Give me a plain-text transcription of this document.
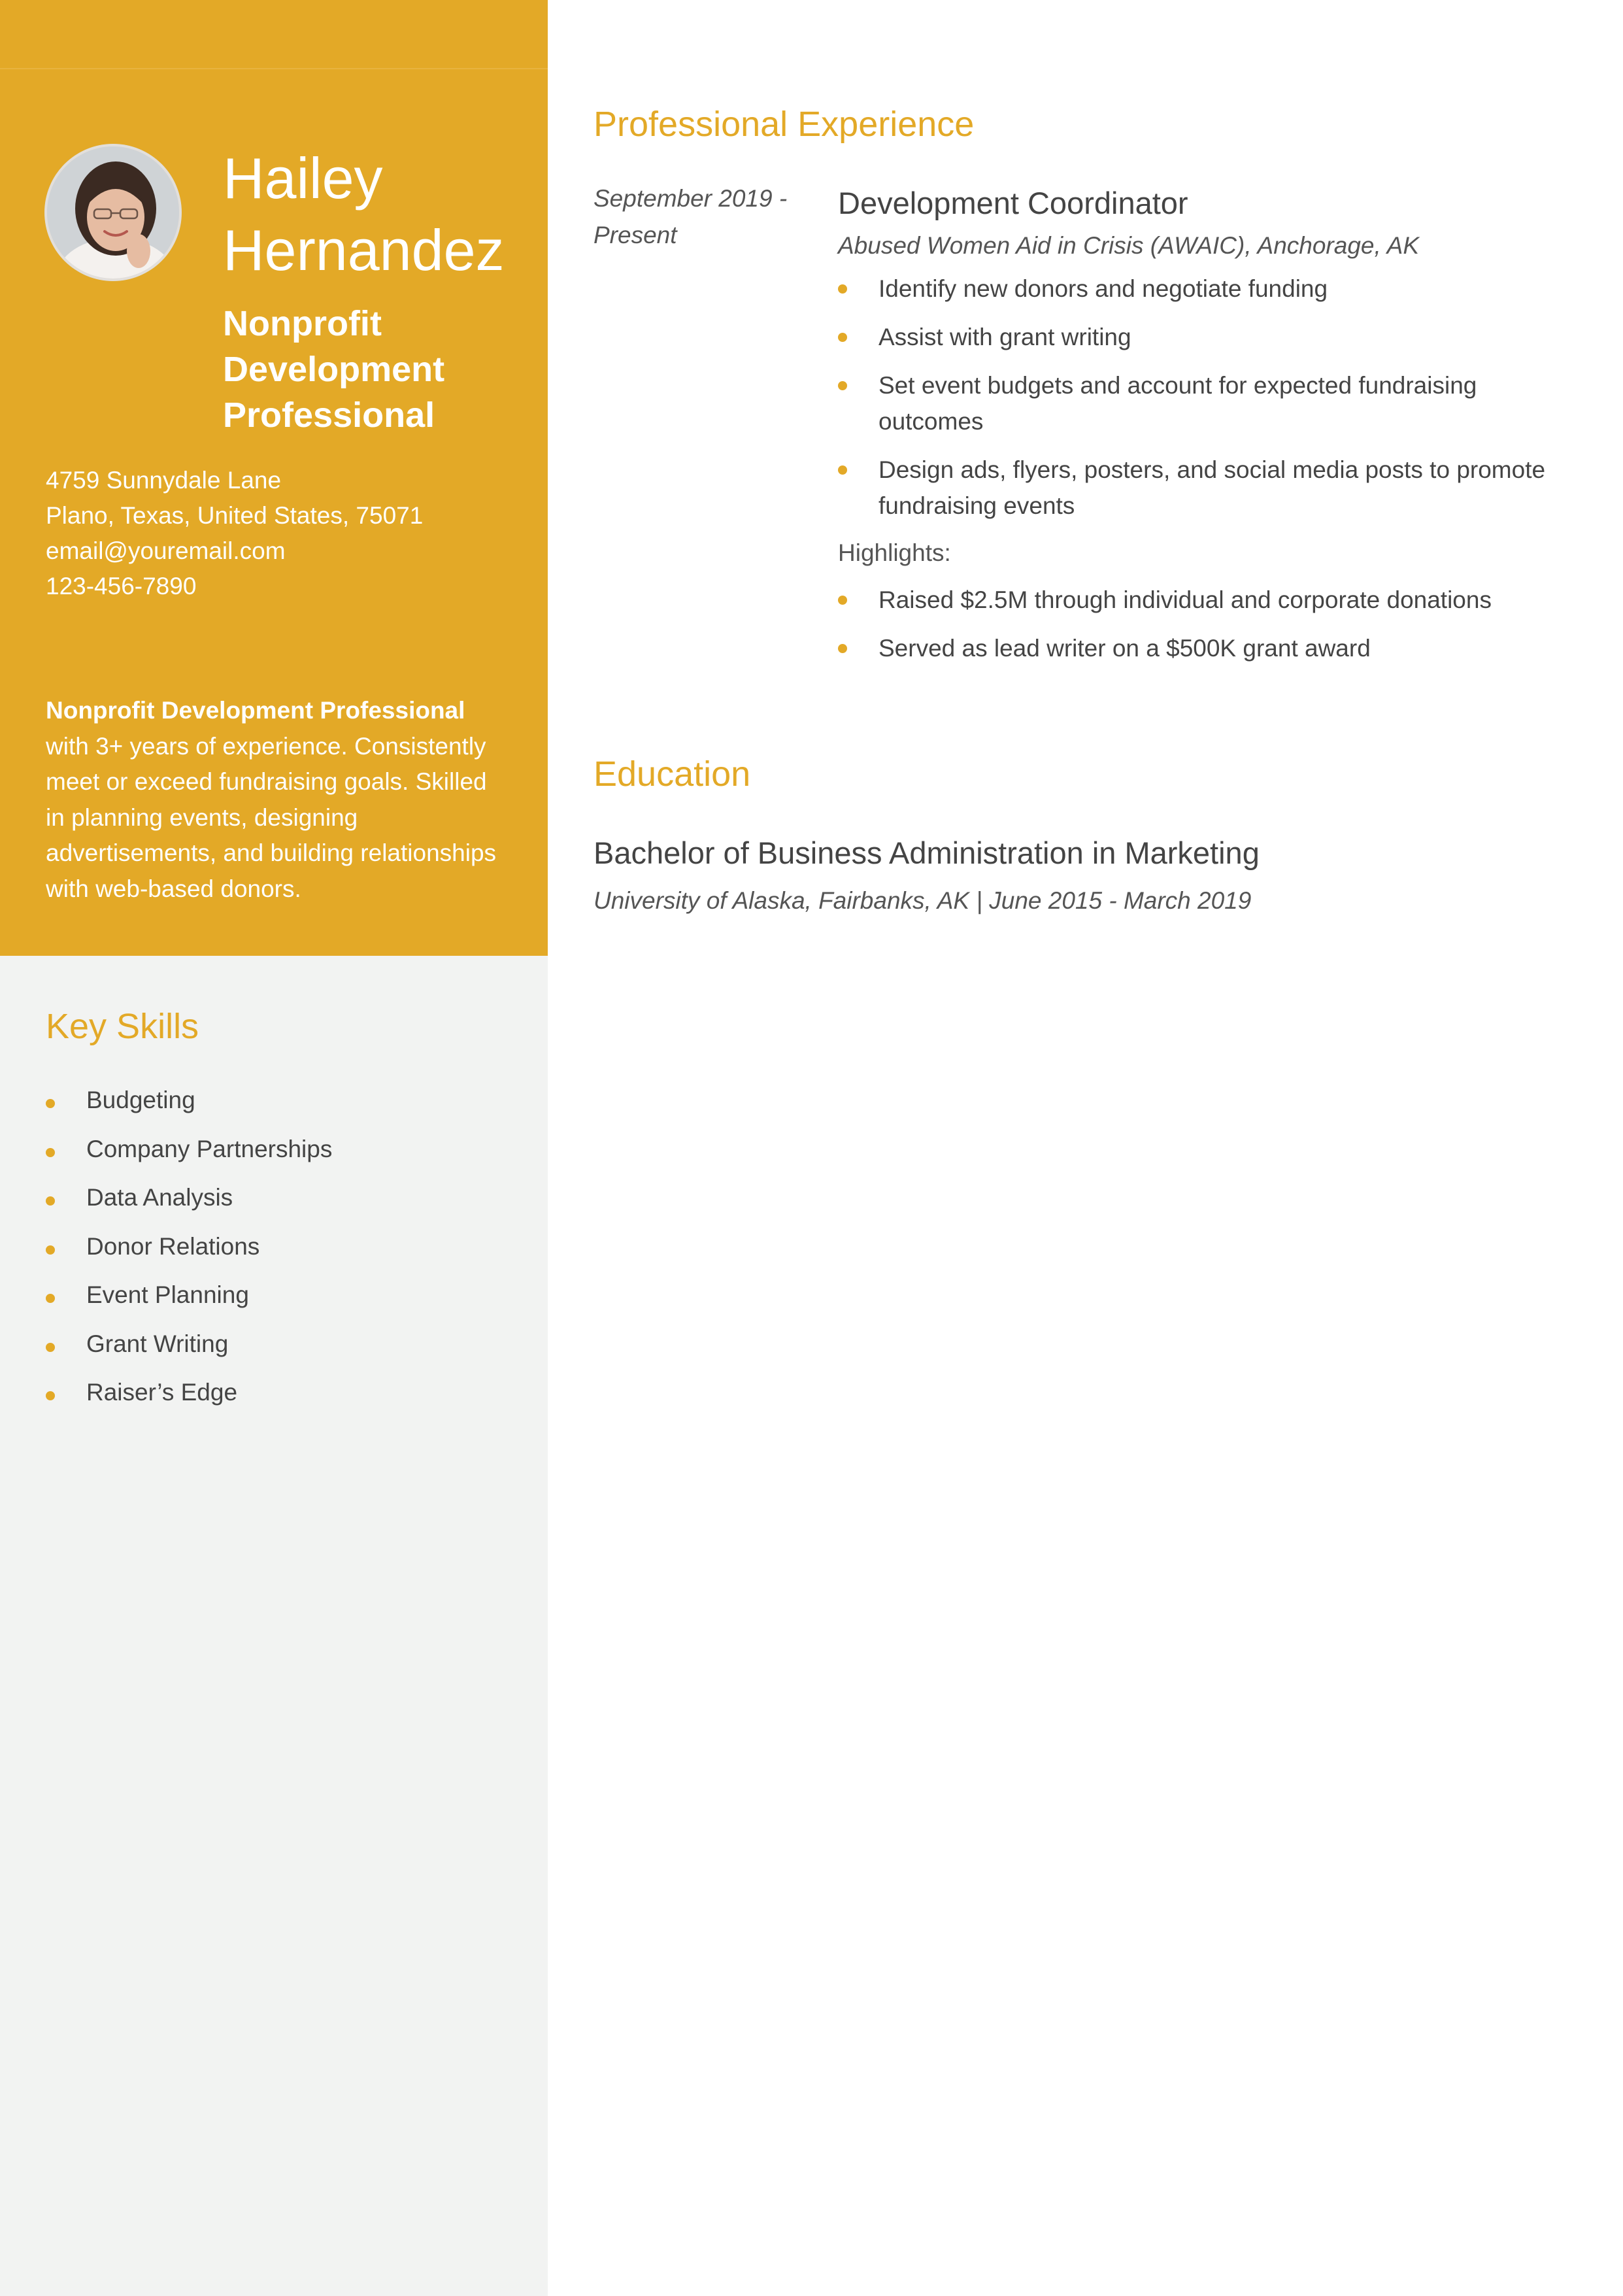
Hailey
Hernandez
Nonprofit
Development
Professional
4759 Sunnydale Lane
Plano, Texas, United States, 75071
email@youremail.com
123-456-7890

Nonprofit Development Professional with 3+ years of experience. Consistently meet or exceed fundraising goals. Skilled in planning events, designing advertisements, and building relationships with web-based donors.

Key Skills
Budgeting
Company Partnerships
Data Analysis
Donor Relations
Event Planning
Grant Writing
Raiser’s Edge
Professional Experience
September 2019 -
Present
Development Coordinator
Abused Women Aid in Crisis (AWAIC), Anchorage, AK
Identify new donors and negotiate funding
Assist with grant writing
Set event budgets and account for expected fundraising outcomes
Design ads, flyers, posters, and social media posts to promote fundraising events
Highlights:
Raised $2.5M through individual and corporate donations
Served as lead writer on a $500K grant award
Education
Bachelor of Business Administration in Marketing
University of Alaska, Fairbanks, AK | June 2015 - March 2019
